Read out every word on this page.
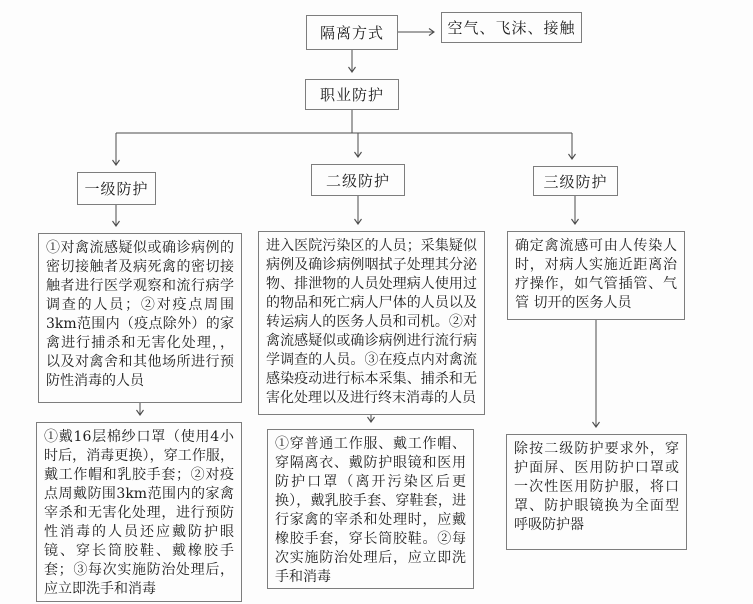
隔离方式	空气、飞沫、接触
职业防护
一级防护	二级防护	三级防护
①对禽流感疑似或确诊病例的密切接触者及病死禽的密切接触者进行医学观察和流行病学调查的人员；②对疫点周围3km范围内（疫点除外）的家禽进行捕杀和无害化处理，，以及对禽舍和其他场所进行预防性消毒的人员
进入医院污染区的人员；采集疑似病例及确诊病例咽拭子处理其分泌物、排泄物的人员处理病人使用过的物品和死亡病人尸体的人员以及转运病人的医务人员和司机。②对禽流感疑似或确诊病例进行流行病学调查的人员。③在疫点内对禽流感染疫动进行标本采集、捕杀和无害化处理以及进行终末消毒的人员
确定禽流感可由人传染人时，对病人实施近距离治疗操作，如气管插管、气管 切开的医务人员
①戴16层棉纱口罩（使用4小时后，消毒更换），穿工作服，戴工作帽和乳胶手套；②对疫点周戴防围3km范围内的家禽宰杀和无害化处理，进行预防性消毒的人员还应戴防护眼镜、穿长筒胶鞋、戴橡胶手套；③每次实施防治处理后，应立即洗手和消毒
①穿普通工作服、戴工作帽、穿隔离衣、戴防护眼镜和医用防护口罩（离开污染区后更换），戴乳胶手套、穿鞋套，进行家禽的宰杀和处理时，应戴橡胶手套，穿长筒胶鞋。②每次实施防治处理后，应立即洗手和消毒
除按二级防护要求外，穿护面屏、医用防护口罩或一次性医用防护服，将口罩、防护眼镜换为全面型呼吸防护器
